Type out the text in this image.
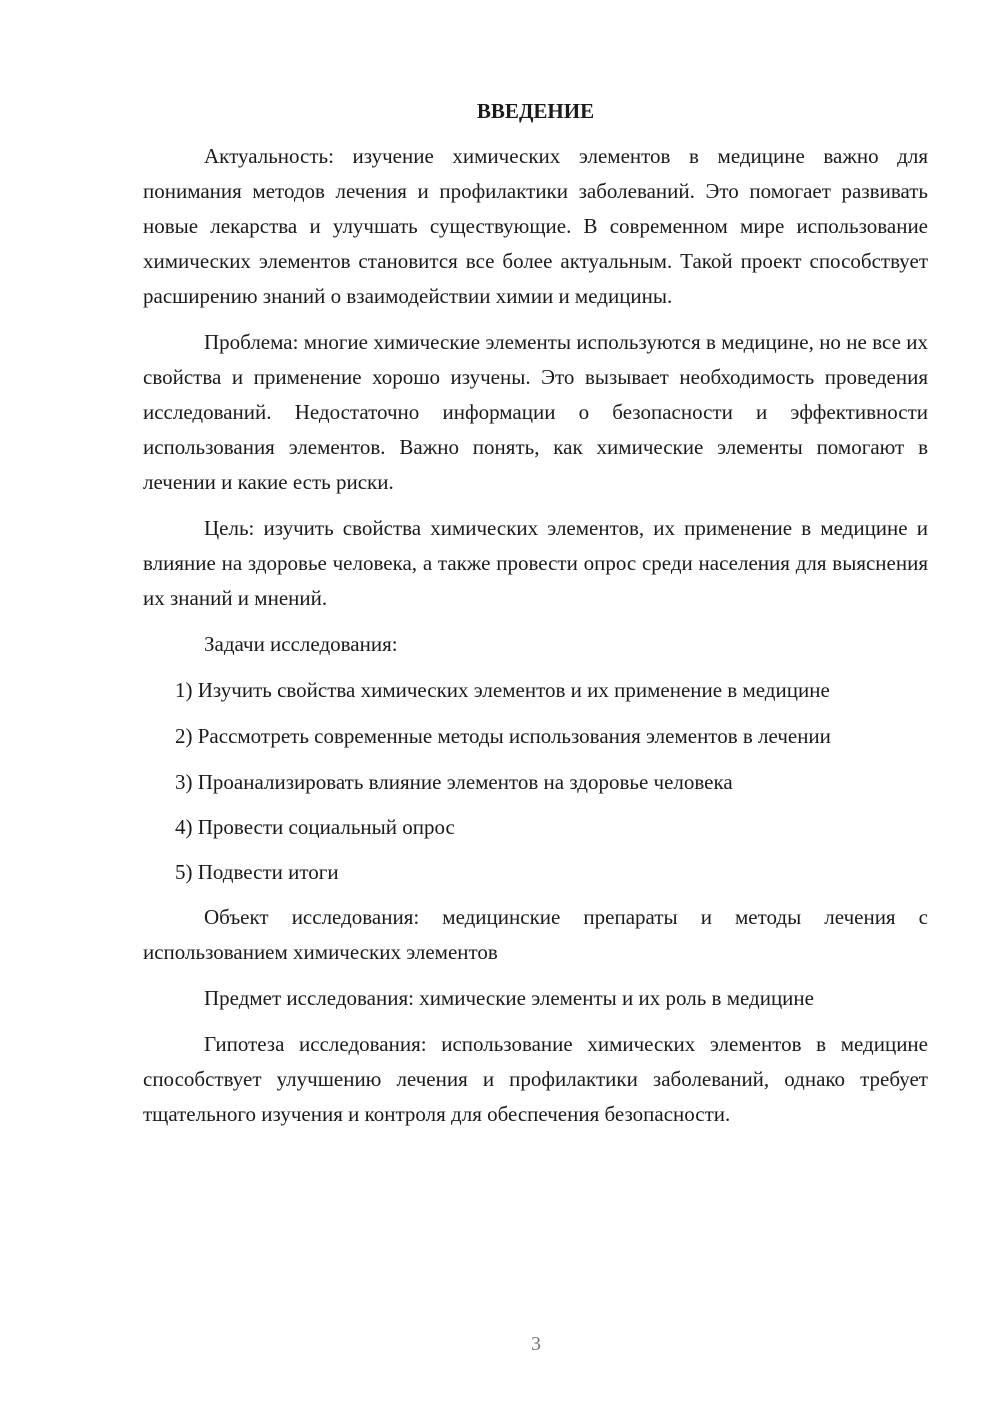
ВВЕДЕНИЕ

Актуальность: изучение химических элементов в медицине важно для понимания методов лечения и профилактики заболеваний. Это помогает развивать новые лекарства и улучшать существующие. В современном мире использование химических элементов становится все более актуальным. Такой проект способствует расширению знаний о взаимодействии химии и медицины.

Проблема: многие химические элементы используются в медицине, но не все их свойства и применение хорошо изучены. Это вызывает необходимость проведения исследований. Недостаточно информации о безопасности и эффективности использования элементов. Важно понять, как химические элементы помогают в лечении и какие есть риски.

Цель: изучить свойства химических элементов, их применение в медицине и влияние на здоровье человека, а также провести опрос среди населения для выяснения их знаний и мнений.

Задачи исследования:

1) Изучить свойства химических элементов и их применение в медицине

2) Рассмотреть современные методы использования элементов в лечении

3) Проанализировать влияние элементов на здоровье человека

4) Провести социальный опрос

5) Подвести итоги

Объект исследования: медицинские препараты и методы лечения с использованием химических элементов

Предмет исследования: химические элементы и их роль в медицине

Гипотеза исследования: использование химических элементов в медицине способствует улучшению лечения и профилактики заболеваний, однако требует тщательного изучения и контроля для обеспечения безопасности.

3
